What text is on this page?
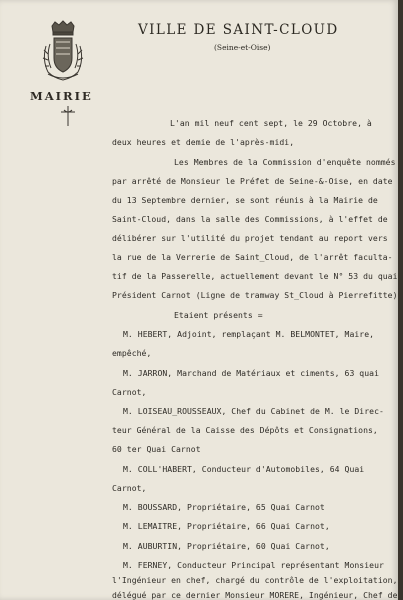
MAIRIE
VILLE DE SAINT-CLOUD
(Seine-et-Oise)
L'an mil neuf cent sept, le 29 Octobre, à
deux heures et demie de l'après-midi,
Les Membres de la Commission d'enquête nommés
par arrêté de Monsieur le Préfet de Seine-&-Oise, en date
du 13 Septembre dernier, se sont réunis à la Mairie de
Saint-Cloud, dans la salle des Commissions, à l'effet de
délibérer sur l'utilité du projet tendant au report vers
la rue de la Verrerie de Saint_Cloud, de l'arrêt facultа-
tif de la Passerelle, actuellement devant le N° 53 du quai
Président Carnot (Ligne de tramway St_Cloud à Pierrefitte)
Etaient présents =
M. HEBERT, Adjoint, remplaçant M. BELMONTET, Maire,
empêché,
M. JARRON, Marchand de Matériaux et ciments, 63 quai
Carnot,
M. LOISEAU_ROUSSEAUX, Chef du Cabinet de M. le Direc-
teur Général de la Caisse des Dépôts et Consignations,
60 ter Quai Carnot
M. COLL'HABERT, Conducteur d'Automobiles, 64 Quai
Carnot,
M. BOUSSARD, Propriétaire, 65 Quai Carnot
M. LEMAITRE, Propriétaire, 66 Quai Carnot,
M. AUBURTIN, Propriétaire, 60 Quai Carnot,
M. FERNEY, Conducteur Principal représentant Monsieur
l'Ingénieur en chef, chargé du contrôle de l'exploitation,
délégué par ce dernier Monsieur MORERE, Ingénieur, Chef de
